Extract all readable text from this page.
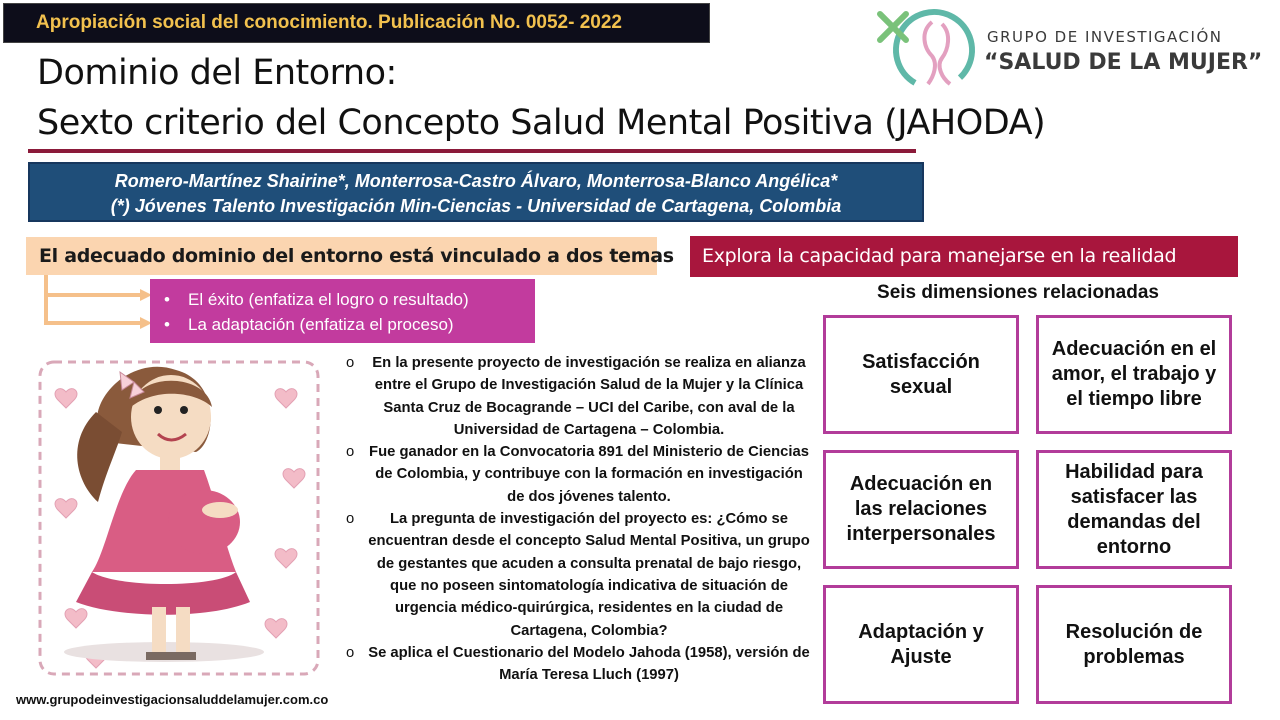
Apropiación social del conocimiento. Publicación No. 0052- 2022
GRUPO DE INVESTIGACIÓN
“SALUD DE LA MUJER”
Dominio del Entorno:
Sexto criterio del Concepto Salud Mental Positiva (JAHODA)
Romero-Martínez Shairine*, Monterrosa-Castro Álvaro, Monterrosa-Blanco Angélica*
(*) Jóvenes Talento Investigación Min-Ciencias - Universidad de Cartagena, Colombia
El adecuado dominio del entorno está vinculado a dos temas
• El éxito (enfatiza el logro o resultado)
• La adaptación (enfatiza el proceso)
Explora la capacidad para manejarse en la realidad
Seis dimensiones relacionadas
Satisfacción sexual
Adecuación en el amor, el trabajo y el tiempo libre
Adecuación en las relaciones interpersonales
Habilidad para satisfacer las demandas del entorno
Adaptación y Ajuste
Resolución de problemas
o En la presente proyecto de investigación se realiza en alianza entre el Grupo de Investigación Salud de la Mujer y la Clínica Santa Cruz de Bocagrande – UCI del Caribe, con aval de la Universidad de Cartagena – Colombia.
o Fue ganador en la Convocatoria 891 del Ministerio de Ciencias de Colombia, y contribuye con la formación en investigación de dos jóvenes talento.
o La pregunta de investigación del proyecto es: ¿Cómo se encuentran desde el concepto Salud Mental Positiva, un grupo de gestantes que acuden a consulta prenatal de bajo riesgo, que no poseen sintomatología indicativa de situación de urgencia médico-quirúrgica, residentes en la ciudad de Cartagena, Colombia?
o Se aplica el Cuestionario del Modelo Jahoda (1958), versión de María Teresa Lluch (1997)
www.grupodeinvestigacionsaluddelamujer.com.co
